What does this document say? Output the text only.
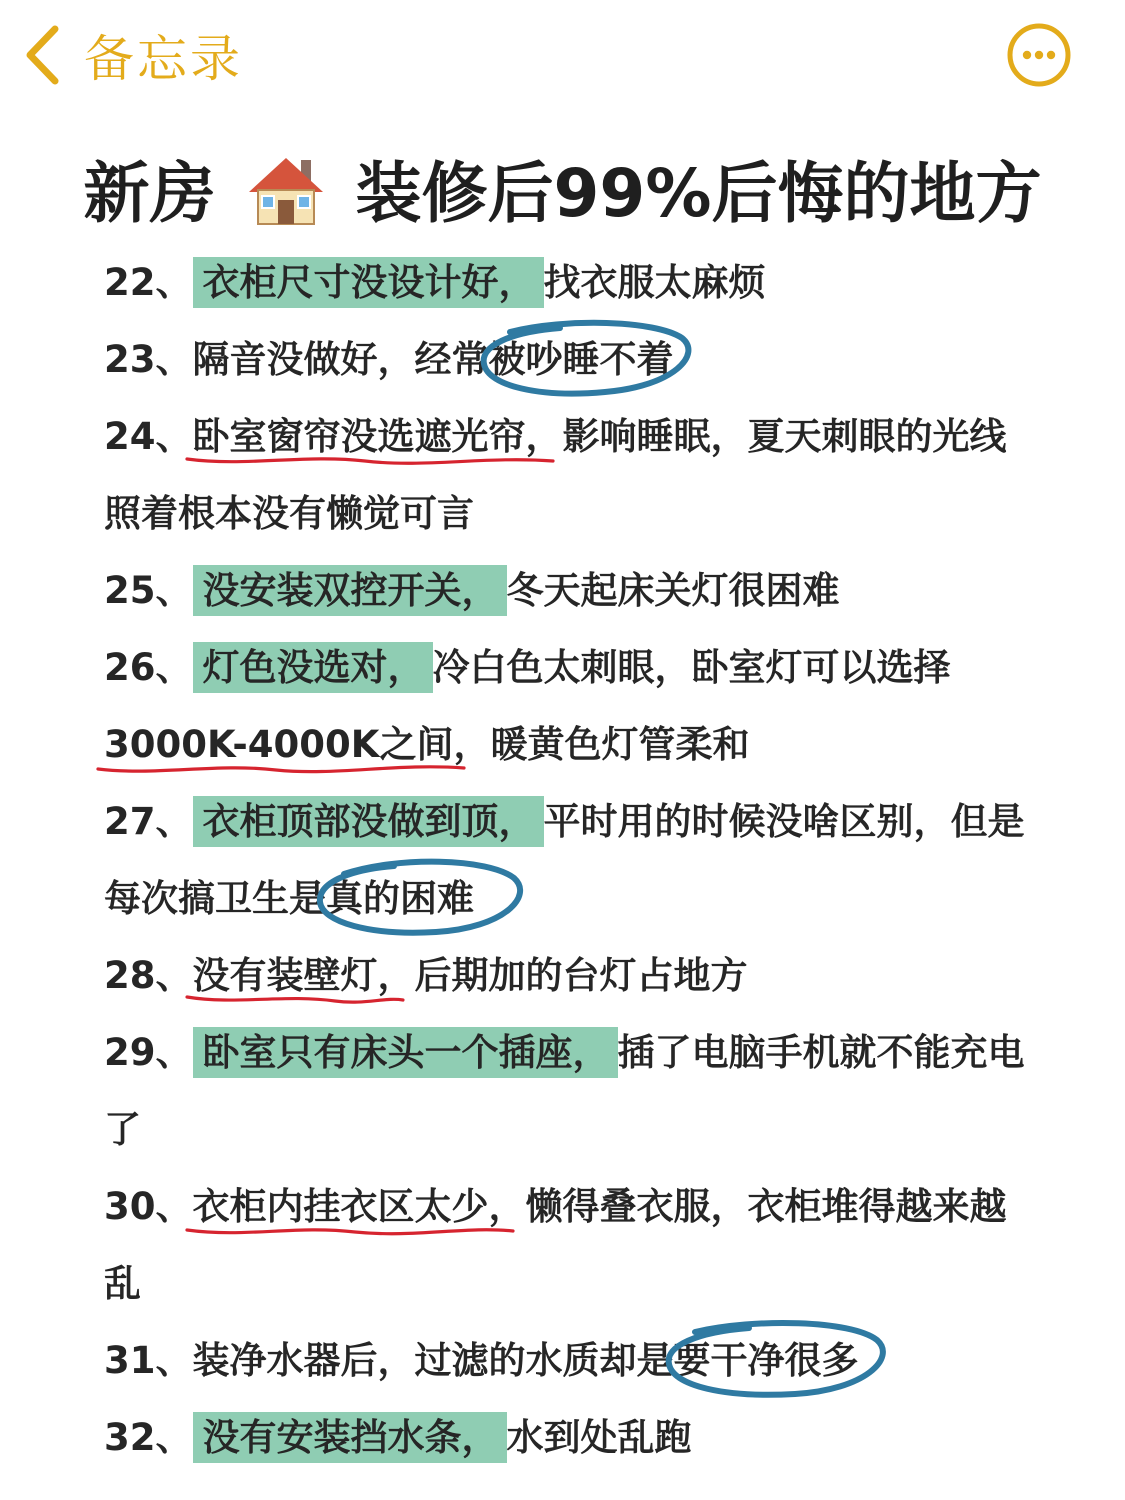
备忘录
新房 装修后99%后悔的地方
22、 衣柜尺寸没设计好， 找衣服太麻烦
23、隔音没做好，经常被吵睡不着
24、卧室窗帘没选遮光帘，
影响睡眠，夏天刺眼的光线
照着根本没有懒觉可言
25、 没安装双控开关， 冬天起床关灯很困难
26、 灯色没选对， 冷白色太刺眼，卧室灯可以选择
3000K-4000K之间，
暖黄色灯管柔和
27、 衣柜顶部没做到顶， 平时用的时候没啥区别，但是
每次搞卫生是真的困难
28、没有装壁灯，
后期加的台灯占地方
29、 卧室只有床头一个插座， 插了电脑手机就不能充电
了
30、衣柜内挂衣区太少，
懒得叠衣服，衣柜堆得越来越
乱
31、装净水器后，过滤的水质却是要干净很多
32、 没有安装挡水条， 水到处乱跑
